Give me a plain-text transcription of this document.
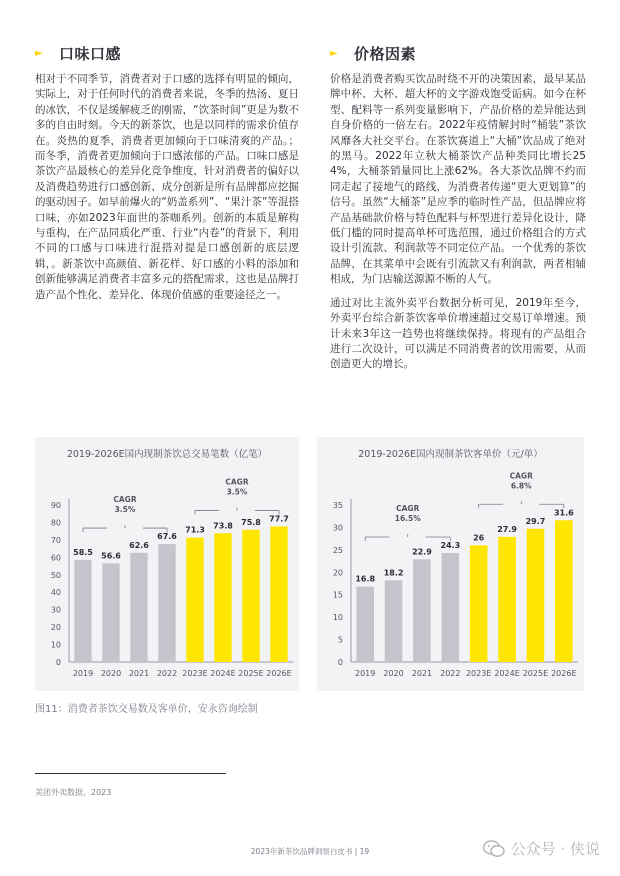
►	口味口感

相对于不同季节，消费者对于口感的选择有明显的倾向，实际上，对于任何时代的消费者来说，冬季的热汤、夏日的冰饮，不仅是缓解疲乏的刚需，“饮茶时间”更是为数不多的自由时刻。今天的新茶饮，也是以同样的需求价值存在。炎热的夏季，消费者更加倾向于口味清爽的产品。；而冬季，消费者更加倾向于口感浓郁的产品。口味口感是茶饮产品最核心的差异化竞争维度，针对消费者的偏好以及消费趋势进行口感创新、成分创新是所有品牌都应挖掘的驱动因子。如早前爆火的“奶盖系列”、“果汁茶”等混搭口味，亦如2023年面世的茶咖系列。创新的本质是解构与重构，在产品同质化严重、行业“内卷”的背景下，利用不同的口感与口味进行混搭对提是口感创新的底层逻辑，。新茶饮中高颜值、新花样、好口感的小料的添加和创新能够满足消费者丰富多元的搭配需求，这也是品牌打造产品个性化、差异化、体现价值感的重要途径之一。

►	价格因素

价格是消费者购买饮品时绕不开的决策因素，最早某品牌中杯、大杯、超大杯的文字游戏饱受诟病。如今在杯型、配料等一系列变量影响下，产品价格的差异能达到自身价格的一倍左右。2022年疫情解封时“桶装”茶饮风靡各大社交平台。在茶饮赛道上“大桶”饮品成了绝对的黑马。2022年立秋大桶茶饮产品种类同比增长254%，大桶茶销量同比上涨62%。各大茶饮品牌不约而同走起了接地气的路线，为消费者传递“更大更划算”的信号。虽然“大桶茶”是应季的临时性产品，但品牌应将产品基础款价格与特色配料与杯型进行差异化设计，降低门槛的同时提高单杯可选范围，通过价格组合的方式设计引流款、利润款等不同定位产品。一个优秀的茶饮品牌，在其菜单中会既有引流款又有利润款，两者相辅相成，为门店输送源源不断的人气。

通过对比主流外卖平台数据分析可见，2019年至今，外卖平台综合新茶饮客单价增速超过交易订单增速。预计未来3年这一趋势也将继续保持。将现有的产品组合进行二次设计，可以满足不同消费者的饮用需要，从而创造更大的增长。

2019-2026E国内现制茶饮总交易笔数（亿笔）
0
10
20
30
40
50
60
70
80
90
58.5
2019
56.6
2020
62.6
2021
67.6
2022
71.3
2023E
73.8
2024E
75.8
2025E
77.7
2026E
CAGR
3.5%
CAGR
3.5%
2019-2026E国内现制茶饮客单价（元/单）
0
5
10
15
20
25
30
35
16.8
2019
18.2
2020
22.9
2021
24.3
2022
26
2023E
27.9
2024E
29.7
2025E
31.6
2026E
CAGR
16.5%
CAGR
6.8%
图11：消费者茶饮交易数及客单价，安永咨询绘制
美团外卖数据，2023
2023年新茶饮品牌洞察白皮书 | 19	公众号 · 侠说
